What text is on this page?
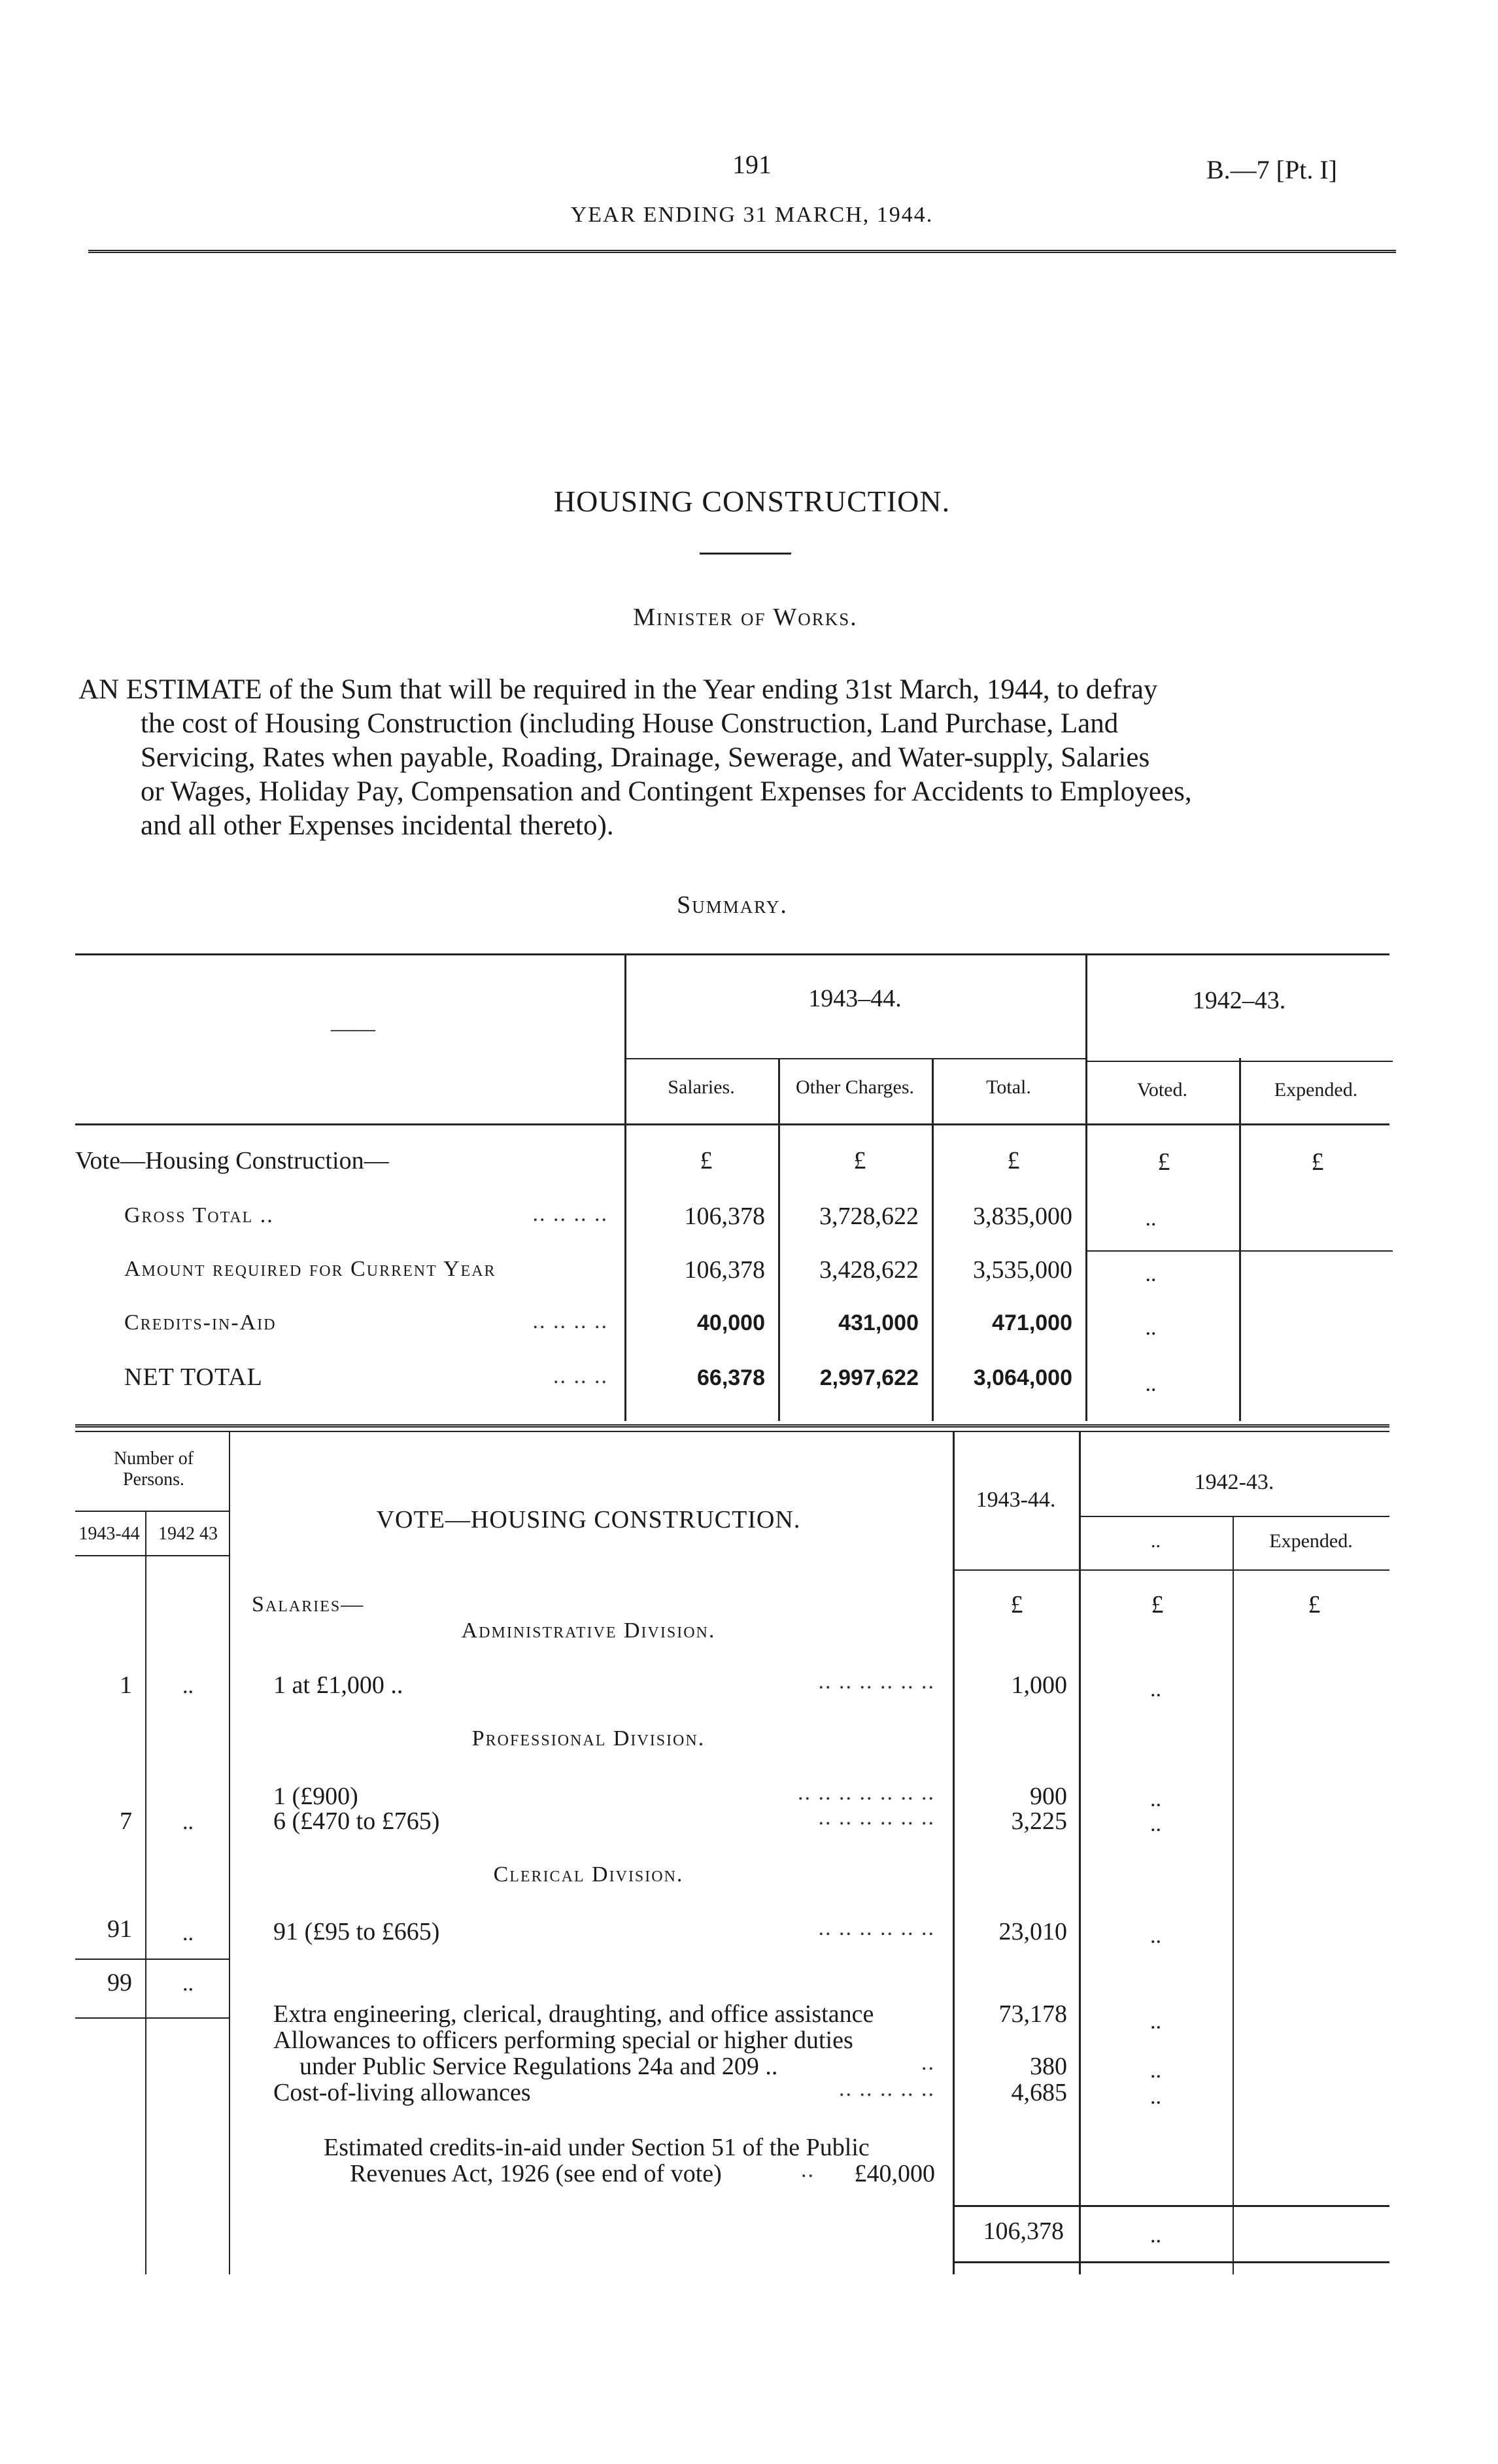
191	B.—7 [Pt. I]
YEAR ENDING 31 MARCH, 1944.
HOUSING CONSTRUCTION.
Minister of Works.
AN ESTIMATE of the Sum that will be required in the Year ending 31st March, 1944, to defray
the cost of Housing Construction (including House Construction, Land Purchase, Land
Servicing, Rates when payable, Roading, Drainage, Sewerage, and Water-supply, Salaries
or Wages, Holiday Pay, Compensation and Contingent Expenses for Accidents to Employees,
and all other Expenses incidental thereto).
Summary.
——
1943–44.	1942–43.
Salaries.	Other Charges.	Total.	Voted.	Expended.
Vote—Housing Construction—	£	£	£	£	£
Gross Total ..	.. .. .. ..	106,378	3,728,622	3,835,000	..
Amount required for Current Year	106,378	3,428,622	3,535,000	..
Credits-in-Aid	.. .. .. ..	40,000	431,000	471,000	..
NET TOTAL	.. .. ..	66,378	2,997,622	3,064,000	..
Number of Persons.
1943-44	1942 43
VOTE—HOUSING CONSTRUCTION.
1943-44.
1942-43.
..	Expended.
Salaries—	£	£	£
Administrative Division.
1	..	1 at £1,000 ..	.. .. .. .. .. ..	1,000	..
Professional Division.
1 (£900)	.. .. .. .. .. .. ..	900	..
7	..	6 (£470 to £765)	.. .. .. .. .. ..	3,225	..
Clerical Division.
91	..	91 (£95 to £665)	.. .. .. .. .. ..	23,010	..
99	..
Extra engineering, clerical, draughting, and office assistance	73,178	..
Allowances to officers performing special or higher duties
under Public Service Regulations 24a and 209 ..	..	380	..
Cost-of-living allowances	.. .. .. .. ..	4,685	..
Estimated credits-in-aid under Section 51 of the Public
Revenues Act, 1926 (see end of vote)	..	£40,000
106,378	..
